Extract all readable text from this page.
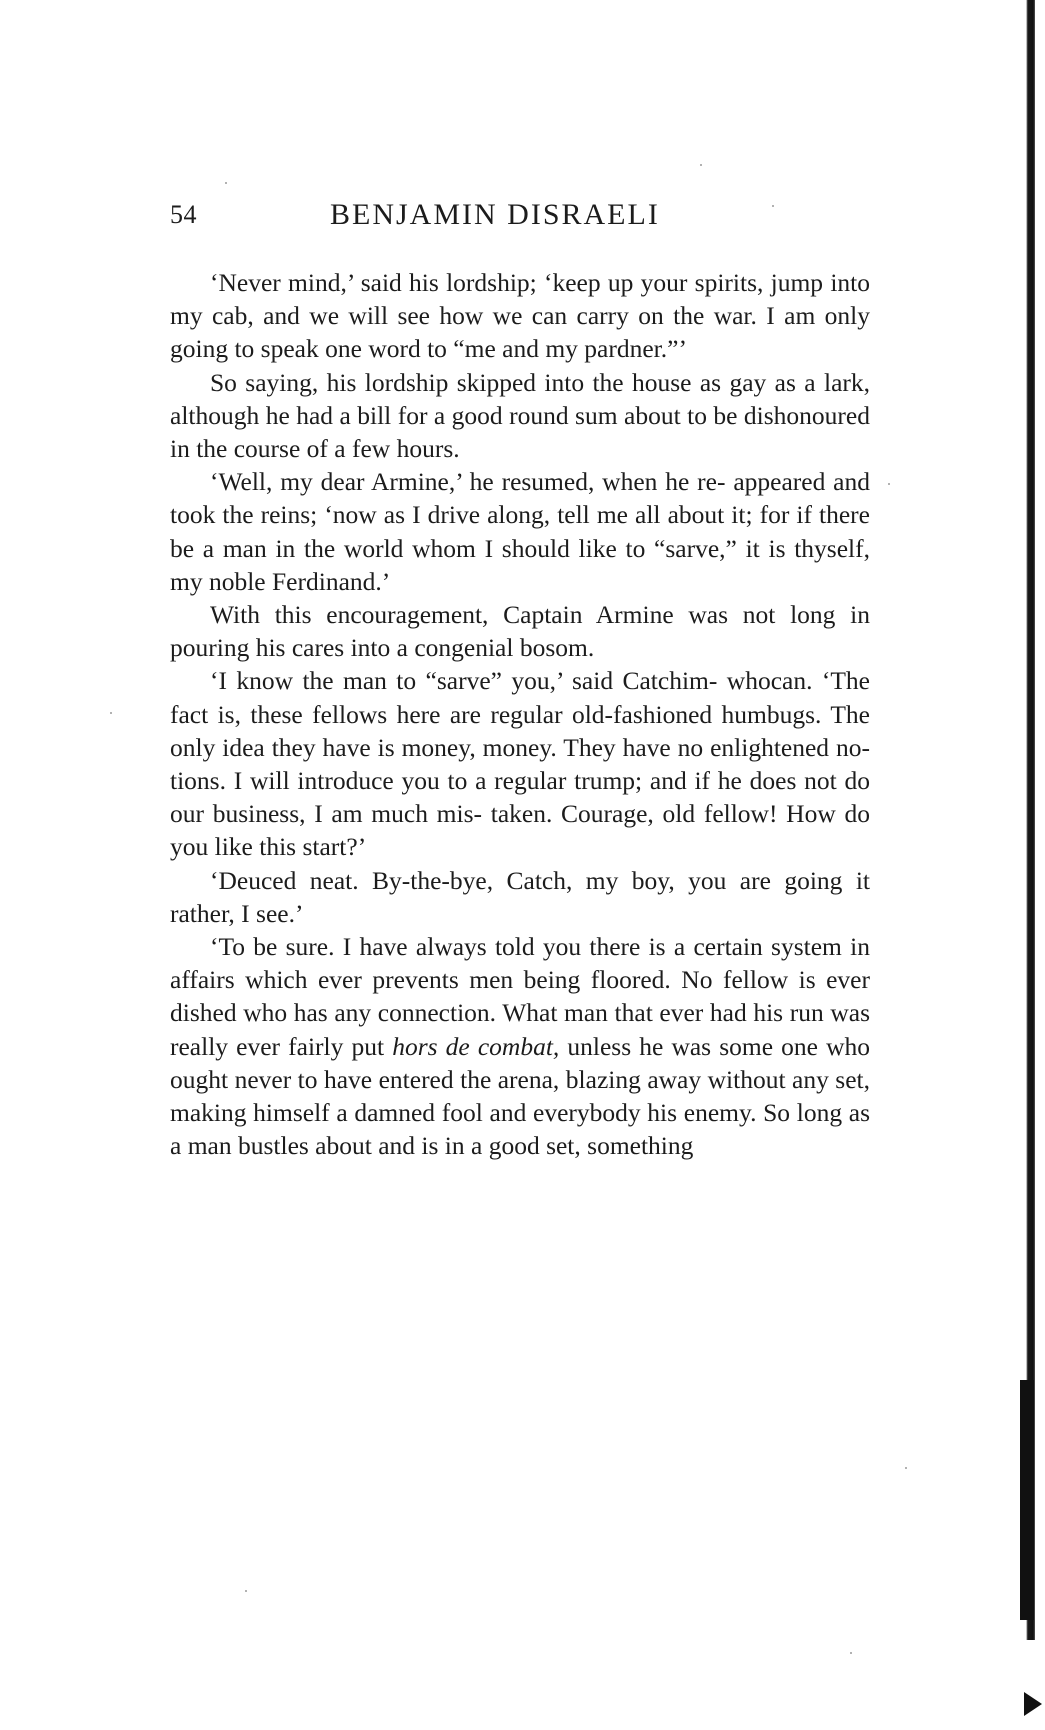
54	BENJAMIN DISRAELI

‘Never mind,’ said his lordship; ‘keep up your spirits, jump into my cab, and we will see how we can carry on the war. I am only going to speak one word to “me and my pardner.”’

So saying, his lordship skipped into the house as gay as a lark, although he had a bill for a good round sum about to be dishonoured in the course of a few hours.

‘Well, my dear Armine,’ he resumed, when he re- appeared and took the reins; ‘now as I drive along, tell me all about it; for if there be a man in the world whom I should like to “sarve,” it is thyself, my noble Ferdinand.’

With this encouragement, Captain Armine was not long in pouring his cares into a congenial bosom.

‘I know the man to “sarve” you,’ said Catchim- whocan. ‘The fact is, these fellows here are regular old-fashioned humbugs. The only idea they have is money, money. They have no enlightened no- tions. I will introduce you to a regular trump; and if he does not do our business, I am much mis- taken. Courage, old fellow! How do you like this start?’

‘Deuced neat. By-the-bye, Catch, my boy, you are going it rather, I see.’

‘To be sure. I have always told you there is a certain system in affairs which ever prevents men being floored. No fellow is ever dished who has any connection. What man that ever had his run was really ever fairly put hors de combat, unless he was some one who ought never to have entered the arena, blazing away without any set, making himself a damned fool and everybody his enemy. So long as a man bustles about and is in a good set, something
